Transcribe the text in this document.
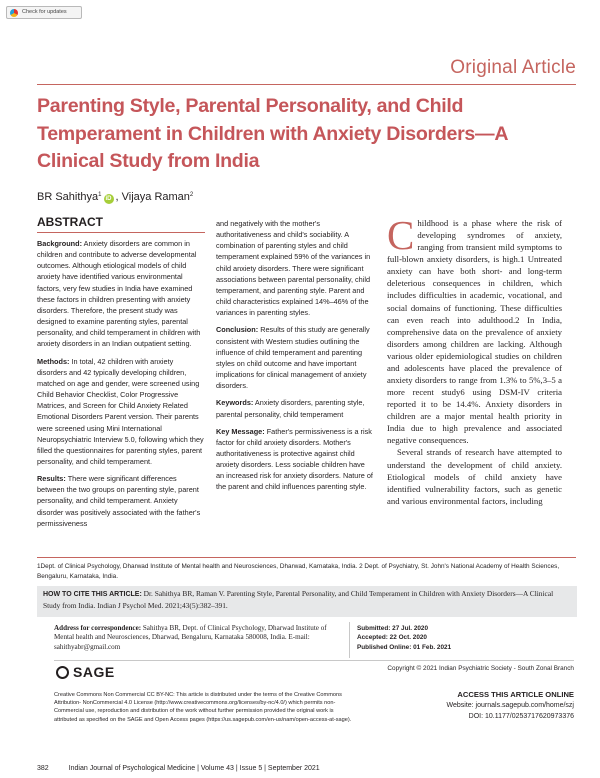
Check for updates
Original Article
Parenting Style, Parental Personality, and Child Temperament in Children with Anxiety Disorders—A Clinical Study from India
BR Sahithya$^1$iD , Vijaya Raman$^2$
ABSTRACT

Background: Anxiety disorders are common in children and contribute to adverse developmental outcomes. Although etiological models of child anxiety have identified various environmental factors, very few studies in India have examined these factors in children presenting with anxiety disorders. Therefore, the present study was designed to examine parenting styles, parental personality, and child temperament in children with anxiety disorders in an Indian outpatient setting.

Methods: In total, 42 children with anxiety disorders and 42 typically developing children, matched on age and gender, were screened using Child Behavior Checklist, Color Progressive Matrices, and Screen for Child Anxiety Related Emotional Disorders Parent version. Their parents were screened using Mini International Neuropsychiatric Interview 5.0, following which they filled the questionnaires for parenting styles, parent personality, and child temperament.

Results: There were significant differences between the two groups on parenting style, parent personality, and child temperament. Anxiety disorder was positively associated with the father's permissiveness

and negatively with the mother's authoritativeness and child's sociability. A combination of parenting styles and child temperament explained 59% of the variances in child anxiety disorders. There were significant associations between parental personality, child temperament, and parenting style. Parent and child characteristics explained 14%–46% of the variances in parenting styles.

Conclusion: Results of this study are generally consistent with Western studies outlining the influence of child temperament and parenting styles on child outcome and have important implications for clinical management of anxiety disorders.

Keywords: Anxiety disorders, parenting style, parental personality, child temperament

Key Message: Father's permissiveness is a risk factor for child anxiety disorders. Mother's authoritativeness is protective against child anxiety disorders. Less sociable children have an increased risk for anxiety disorders. Nature of the parent and child influences parenting style.

Childhood is a phase where the risk of developing syndromes of anxiety, ranging from transient mild symptoms to full-blown anxiety disorders, is high.1 Untreated anxiety can have both short- and long-term deleterious consequences in children, which includes difficulties in academic, vocational, and social domains of functioning. These difficulties can even reach into adulthood.2 In India, comprehensive data on the prevalence of anxiety disorders among children are lacking. Although various older epidemiological studies on children and adolescents have placed the prevalence of anxiety disorders to range from 1.3% to 5%,3–5 a more recent study6 using DSM-IV criteria reported it to be 14.4%. Anxiety disorders in children are a major mental health priority in India due to high prevalence and associated negative consequences.

Several strands of research have attempted to understand the development of child anxiety. Etiological models of child anxiety have identified vulnerability factors, such as genetic and various environmental factors, including

1Dept. of Clinical Psychology, Dharwad Institute of Mental health and Neurosciences, Dharwad, Karnataka, India. 2 Dept. of Psychiatry, St. John's National Academy of Health Sciences, Bengaluru, Karnataka, India.
HOW TO CITE THIS ARTICLE: Dr. Sahithya BR, Raman V. Parenting Style, Parental Personality, and Child Temperament in Children with Anxiety Disorders—A Clinical Study from India. Indian J Psychol Med. 2021;43(5):382–391.
Address for correspondence: Sahithya BR, Dept. of Clinical Psychology, Dharwad Institute of Mental health and Neurosciences, Dharwad, Bengaluru, Karnataka 580008, India. E-mail: sahithyabr@gmail.com
Submitted: 27 Jul. 2020
Accepted: 22 Oct. 2020
Published Online: 01 Feb. 2021
SAGE	Copyright © 2021 Indian Psychiatric Society - South Zonal Branch
Creative Commons Non Commercial CC BY-NC: This article is distributed under the terms of the Creative Commons Attribution- NonCommercial 4.0 License (http://www.creativecommons.org/licenses/by-nc/4.0/) which permits non-Commercial use, reproduction and distribution of the work without further permission provided the original work is attributed as specified on the SAGE and Open Access pages (https://us.sagepub.com/en-us/nam/open-access-at-sage).
ACCESS THIS ARTICLE ONLINE
Website: journals.sagepub.com/home/szj
DOI: 10.1177/0253717620973376
382	Indian Journal of Psychological Medicine | Volume 43 | Issue 5 | September 2021
